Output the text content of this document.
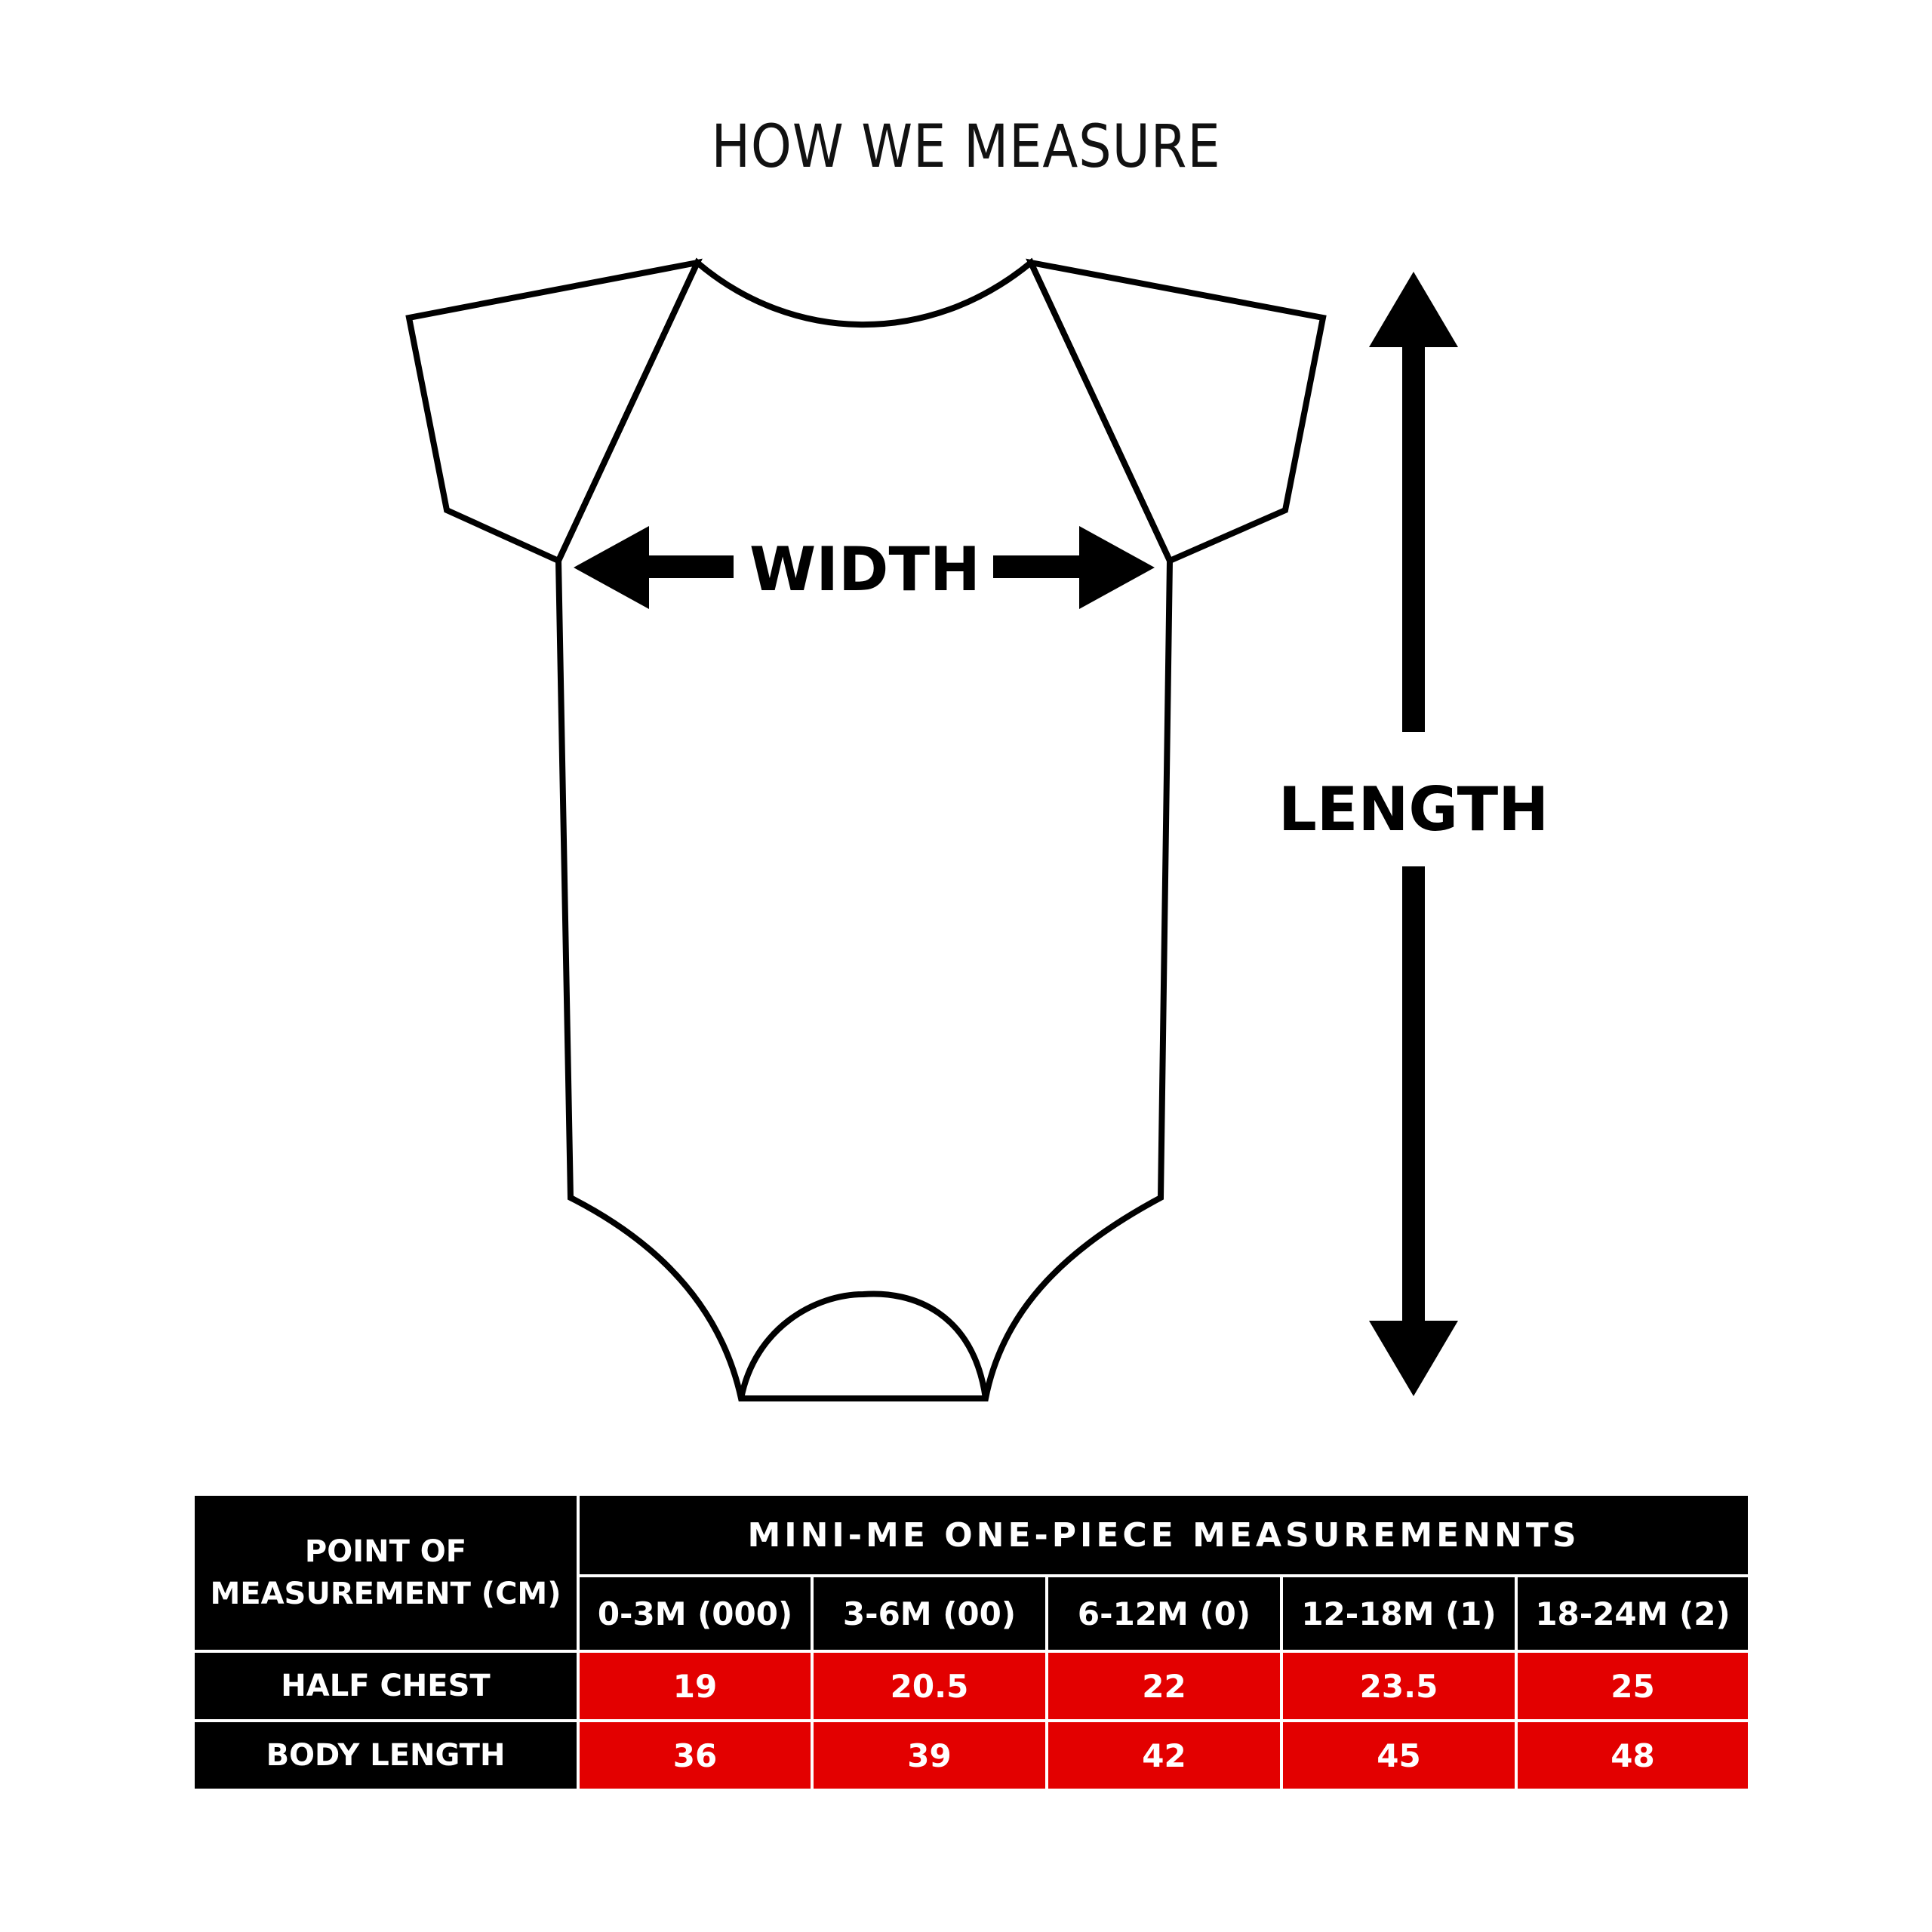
HOW WE MEASURE
WIDTH
LENGTH
POINT OF
MEASUREMENT (CM)	MINI-ME ONE-PIECE MEASUREMENNTS				
	0-3M (000)	3-6M (00)	6-12M (0)	12-18M (1)	18-24M (2)
HALF CHEST	19	20.5	22	23.5	25
BODY LENGTH	36	39	42	45	48
